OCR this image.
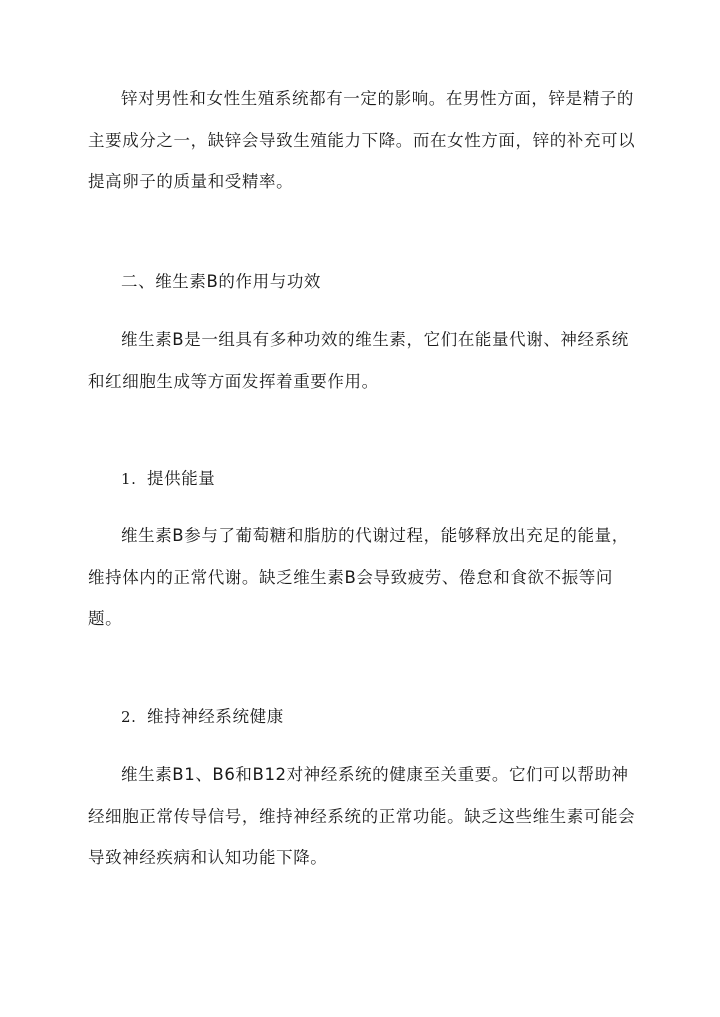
锌对男性和女性生殖系统都有一定的影响。在男性方面，锌是精子的主要成分之一，缺锌会导致生殖能力下降。而在女性方面，锌的补充可以提高卵子的质量和受精率。

二、维生素B的作用与功效

维生素B是一组具有多种功效的维生素，它们在能量代谢、神经系统和红细胞生成等方面发挥着重要作用。

1. 提供能量

维生素B参与了葡萄糖和脂肪的代谢过程，能够释放出充足的能量，维持体内的正常代谢。缺乏维生素B会导致疲劳、倦怠和食欲不振等问题。

2. 维持神经系统健康

维生素B1、B6和B12对神经系统的健康至关重要。它们可以帮助神经细胞正常传导信号，维持神经系统的正常功能。缺乏这些维生素可能会导致神经疾病和认知功能下降。
